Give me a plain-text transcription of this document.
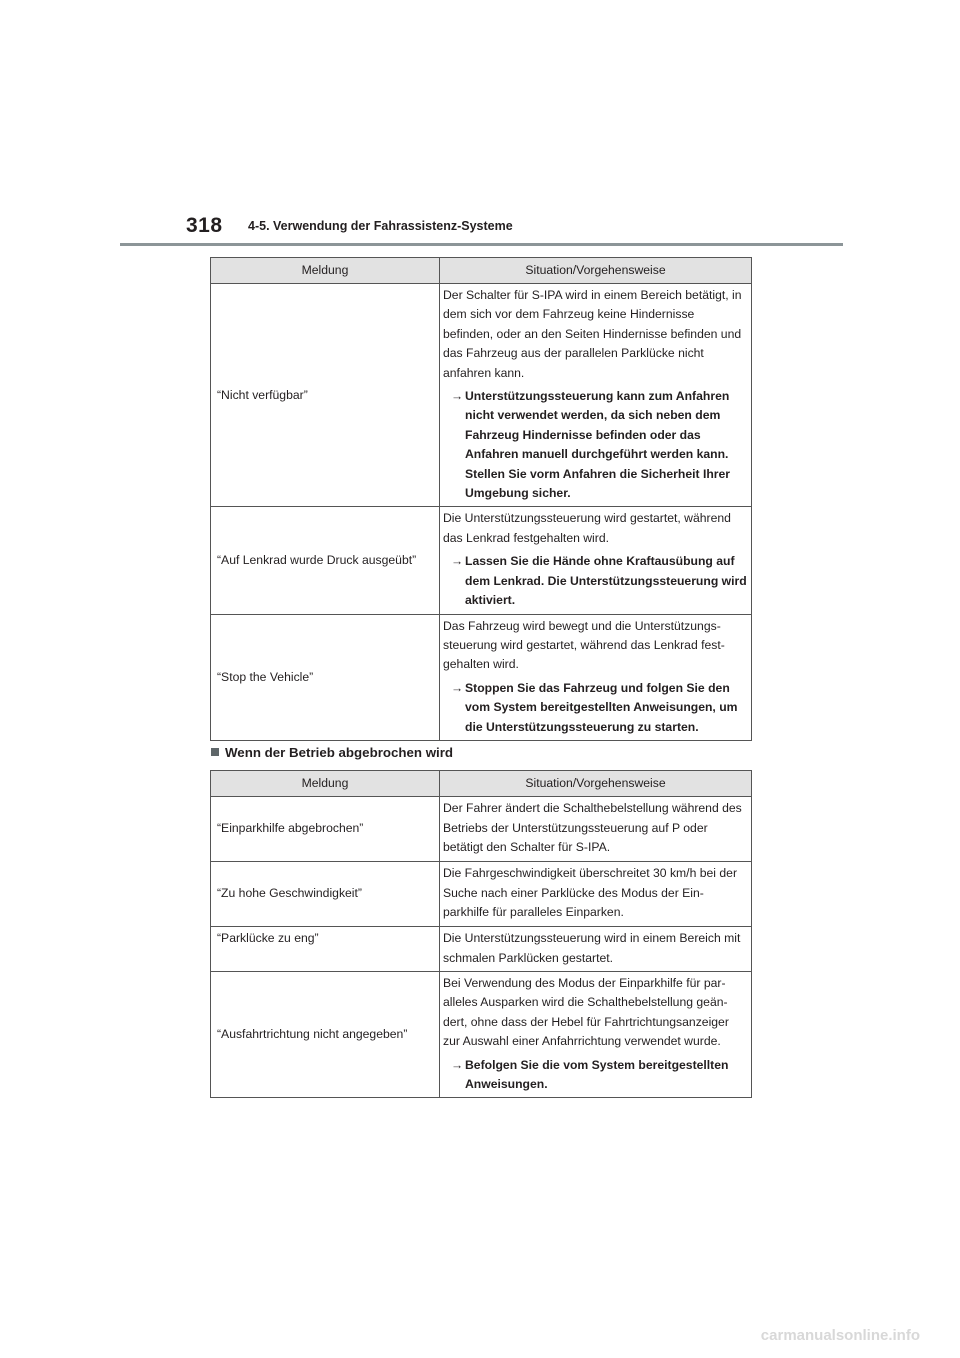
318 4-5. Verwendung der Fahrassistenz-Systeme
Meldung	Situation/Vorgehensweise
“Nicht verfügbar”	Der Schalter für S-IPA wird in einem Bereich betätigt, in dem sich vor dem Fahrzeug keine Hindernisse befinden, oder an den Seiten Hindernisse befinden und das Fahrzeug aus der parallelen Parklücke nicht anfahren kann.
→ Unterstützungssteuerung kann zum Anfahren nicht verwendet werden, da sich neben dem Fahrzeug Hindernisse befinden oder das Anfahren manuell durchgeführt werden kann. Stellen Sie vorm Anfahren die Sicherheit Ihrer Umgebung sicher.

“Auf Lenkrad wurde Druck ausgeübt”	Die Unterstützungssteuerung wird gestartet, während das Lenkrad festgehalten wird.
→ Lassen Sie die Hände ohne Kraftausübung auf dem Lenkrad. Die Unterstützungssteuerung wird aktiviert.

“Stop the Vehicle”	Das Fahrzeug wird bewegt und die Unterstützungs-steuerung wird gestartet, während das Lenkrad fest-gehalten wird.
→ Stoppen Sie das Fahrzeug und folgen Sie den vom System bereitgestellten Anweisungen, um die Unterstützungssteuerung zu starten.
Wenn der Betrieb abgebrochen wird
Meldung	Situation/Vorgehensweise
“Einparkhilfe abgebrochen”	Der Fahrer ändert die Schalthebelstellung während des Betriebs der Unterstützungssteuerung auf P oder betätigt den Schalter für S-IPA.
“Zu hohe Geschwindigkeit”	Die Fahrgeschwindigkeit überschreitet 30 km/h bei der Suche nach einer Parklücke des Modus der Ein-parkhilfe für paralleles Einparken.
“Parklücke zu eng”	Die Unterstützungssteuerung wird in einem Bereich mit schmalen Parklücken gestartet.
“Ausfahrtrichtung nicht angegeben”	Bei Verwendung des Modus der Einparkhilfe für par-alleles Ausparken wird die Schalthebelstellung geän-dert, ohne dass der Hebel für Fahrtrichtungsanzeiger zur Auswahl einer Anfahrrichtung verwendet wurde.
→ Befolgen Sie die vom System bereitgestellten Anweisungen.
carmanualsonline.info
